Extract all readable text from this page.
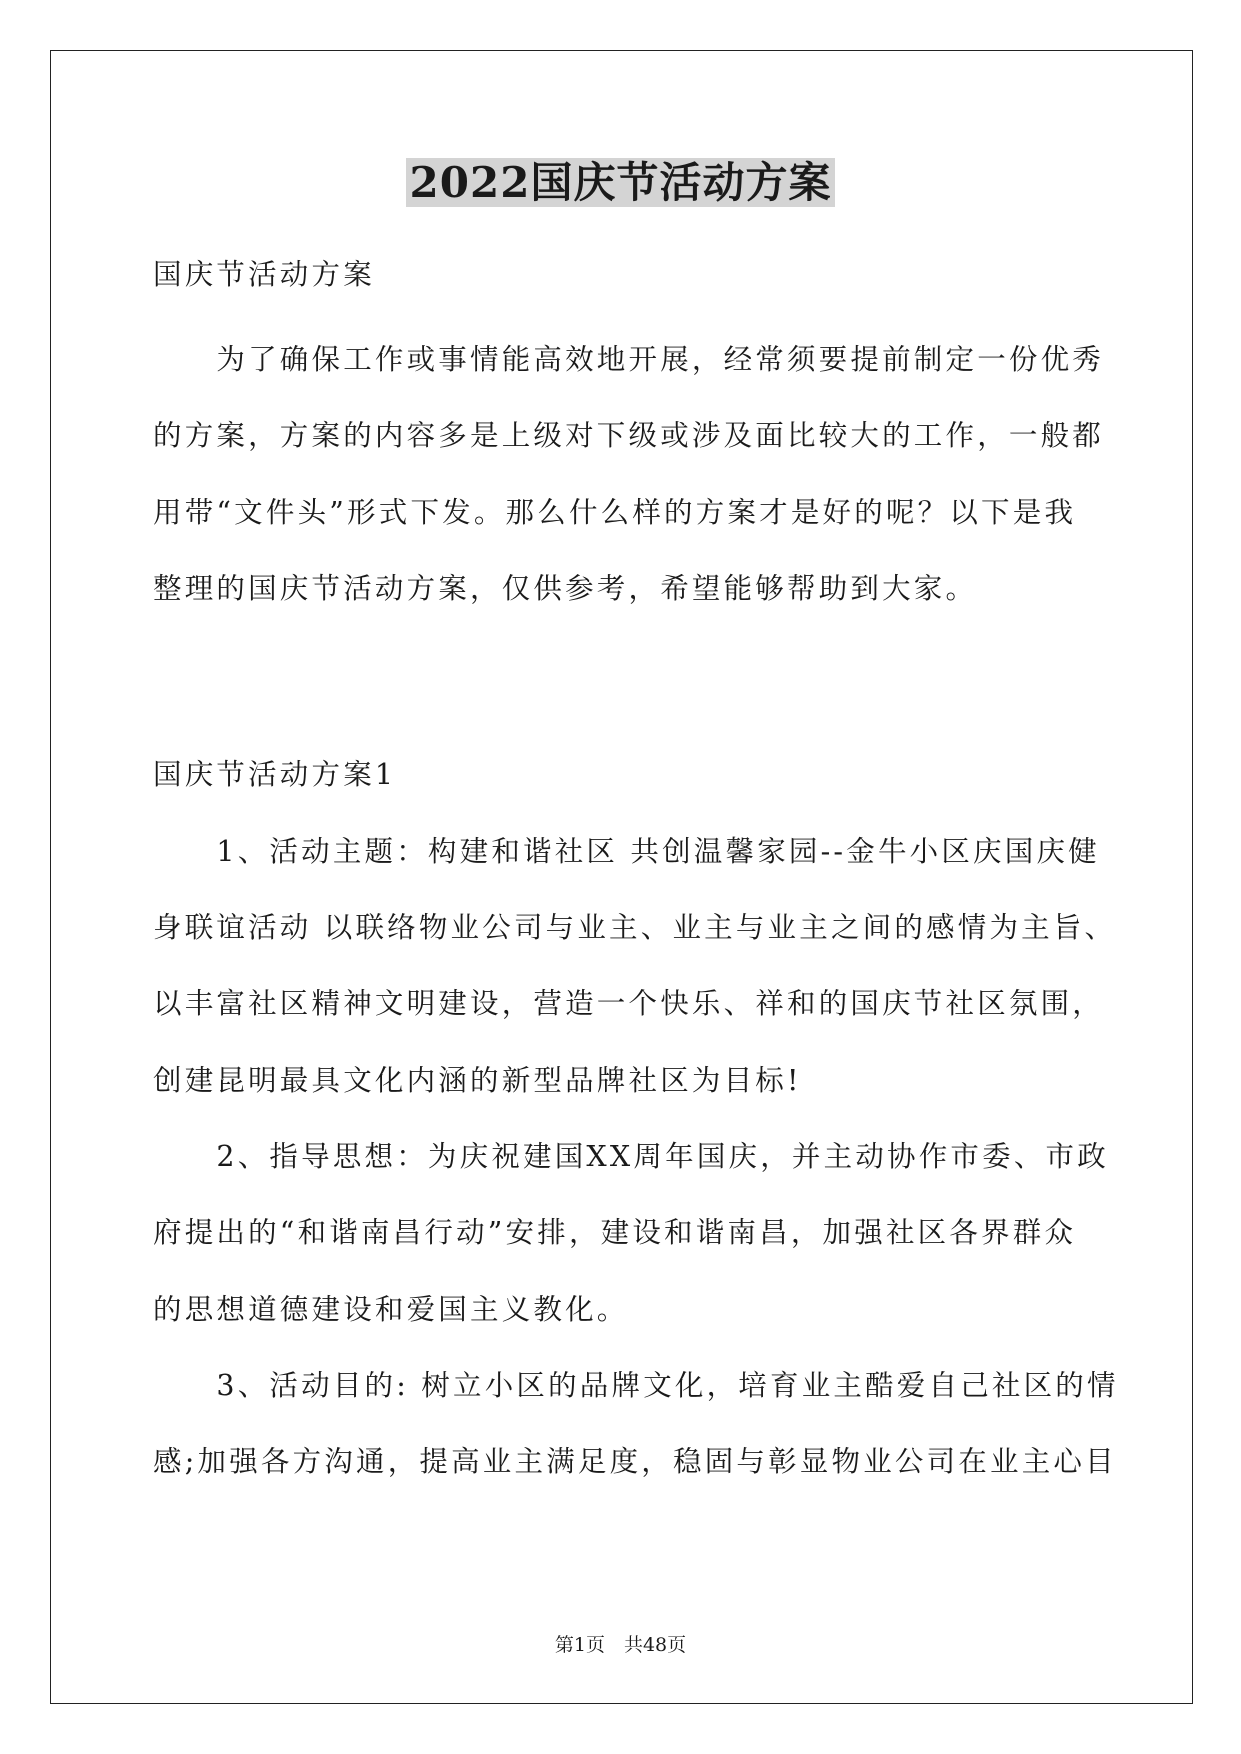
2022国庆节活动方案
国庆节活动方案
　　为了确保工作或事情能高效地开展，经常须要提前制定一份优秀
的方案，方案的内容多是上级对下级或涉及面比较大的工作，一般都
用带“文件头”形式下发。那么什么样的方案才是好的呢？以下是我
整理的国庆节活动方案，仅供参考，希望能够帮助到大家。
国庆节活动方案1
　　1、活动主题：构建和谐社区 共创温馨家园--金牛小区庆国庆健
身联谊活动 以联络物业公司与业主、业主与业主之间的感情为主旨、
以丰富社区精神文明建设，营造一个快乐、祥和的国庆节社区氛围，
创建昆明最具文化内涵的新型品牌社区为目标!
　　2、指导思想：为庆祝建国XX周年国庆，并主动协作市委、市政
府提出的“和谐南昌行动”安排，建设和谐南昌，加强社区各界群众
的思想道德建设和爱国主义教化。
　　3、活动目的: 树立小区的品牌文化，培育业主酷爱自己社区的情
感;加强各方沟通，提高业主满足度，稳固与彰显物业公司在业主心目
第1页　共48页
